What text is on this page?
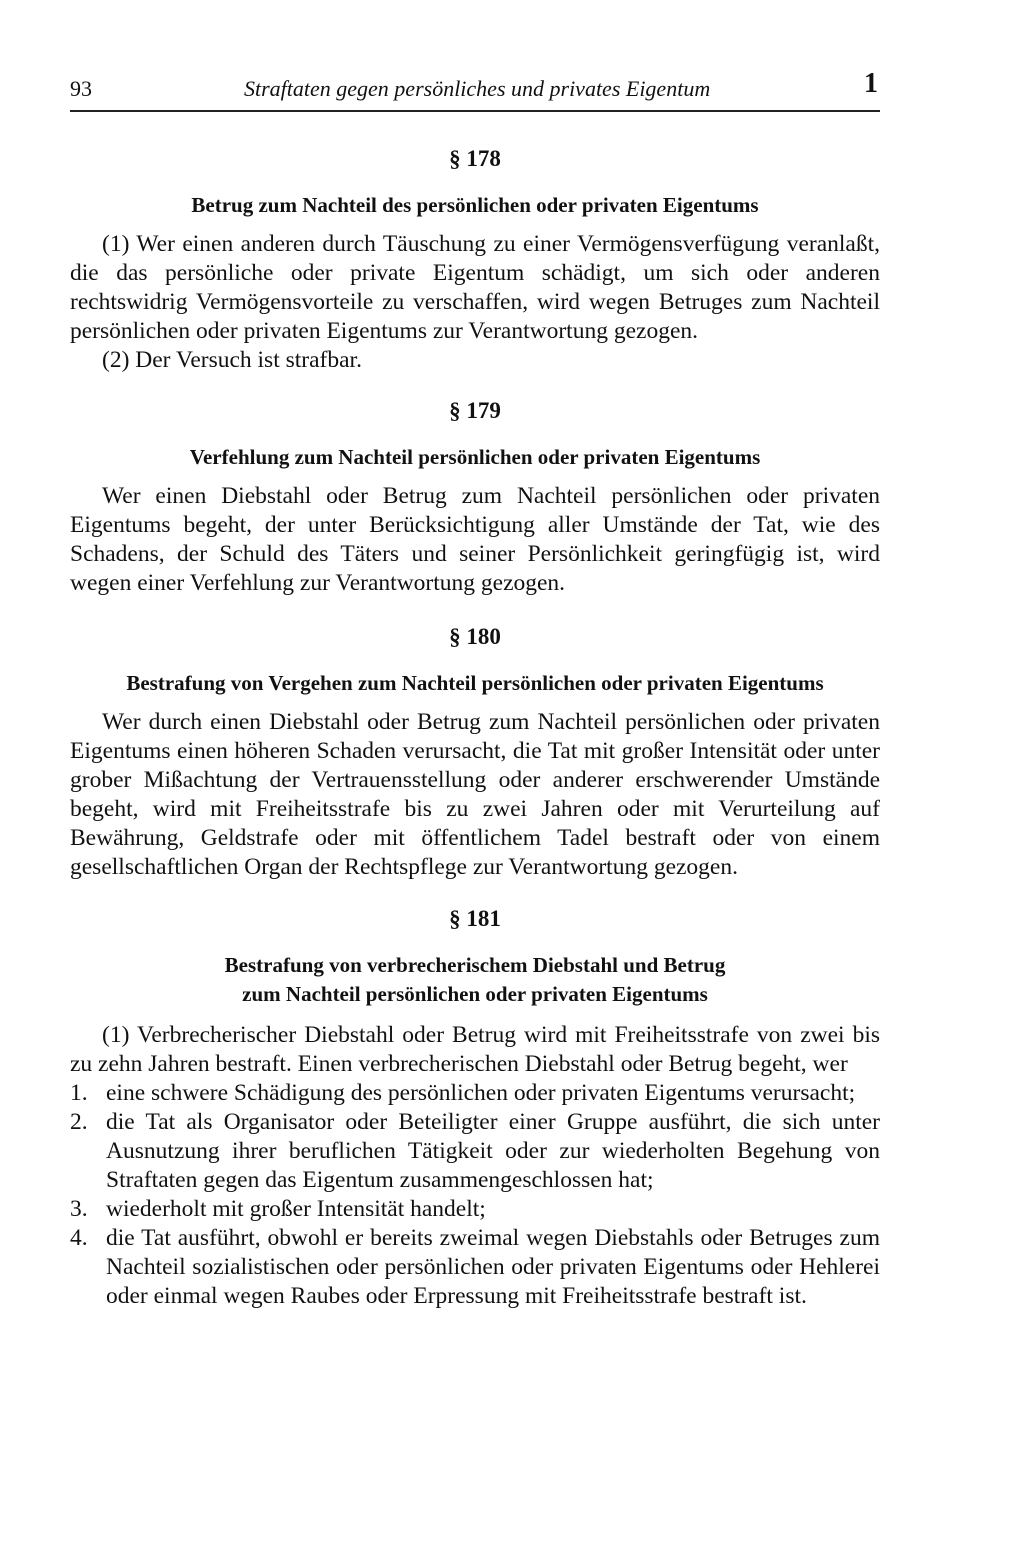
93	Straftaten gegen persönliches und privates Eigentum	1
§ 178
Betrug zum Nachteil des persönlichen oder privaten Eigentums

(1) Wer einen anderen durch Täuschung zu einer Vermögensverfügung veranlaßt, die das persönliche oder private Eigentum schädigt, um sich oder anderen rechtswidrig Vermögensvorteile zu verschaffen, wird wegen Betruges zum Nachteil persönlichen oder privaten Eigentums zur Verantwortung gezogen.

(2) Der Versuch ist strafbar.

§ 179
Verfehlung zum Nachteil persönlichen oder privaten Eigentums

Wer einen Diebstahl oder Betrug zum Nachteil persönlichen oder privaten Eigentums begeht, der unter Berücksichtigung aller Umstände der Tat, wie des Schadens, der Schuld des Täters und seiner Persönlichkeit geringfügig ist, wird wegen einer Verfehlung zur Verantwortung gezogen.

§ 180
Bestrafung von Vergehen zum Nachteil persönlichen oder privaten Eigentums

Wer durch einen Diebstahl oder Betrug zum Nachteil persönlichen oder privaten Eigentums einen höheren Schaden verursacht, die Tat mit großer Intensität oder unter grober Mißachtung der Vertrauensstellung oder anderer erschwerender Umstände begeht, wird mit Freiheitsstrafe bis zu zwei Jahren oder mit Verurteilung auf Bewährung, Geldstrafe oder mit öffentlichem Tadel bestraft oder von einem gesellschaftlichen Organ der Rechtspflege zur Verantwortung gezogen.

§ 181
Bestrafung von verbrecherischem Diebstahl und Betrug
zum Nachteil persönlichen oder privaten Eigentums

(1) Verbrecherischer Diebstahl oder Betrug wird mit Freiheitsstrafe von zwei bis zu zehn Jahren bestraft. Einen verbrecherischen Diebstahl oder Betrug begeht, wer

1. eine schwere Schädigung des persönlichen oder privaten Eigentums verursacht;
2. die Tat als Organisator oder Beteiligter einer Gruppe ausführt, die sich unter Ausnutzung ihrer beruflichen Tätigkeit oder zur wiederholten Begehung von Straftaten gegen das Eigentum zusammengeschlossen hat;
3. wiederholt mit großer Intensität handelt;
4. die Tat ausführt, obwohl er bereits zweimal wegen Diebstahls oder Betruges zum Nachteil sozialistischen oder persönlichen oder privaten Eigentums oder Hehlerei oder einmal wegen Raubes oder Erpressung mit Freiheitsstrafe bestraft ist.
